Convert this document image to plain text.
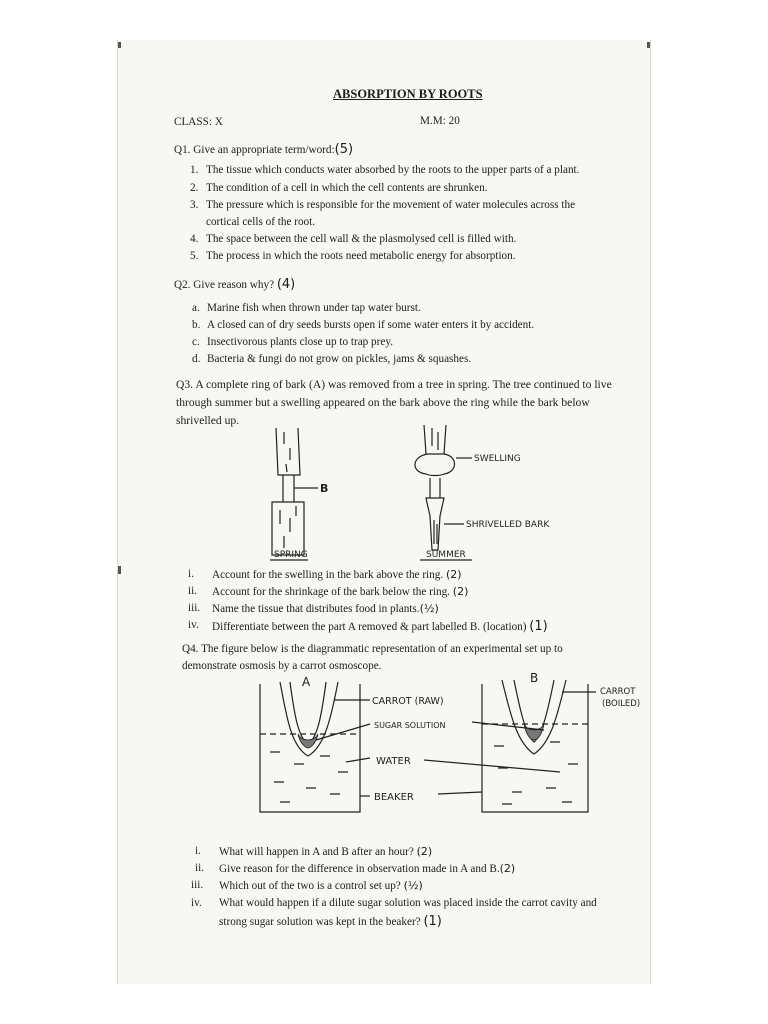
ABSORPTION BY ROOTS
CLASS: X	M.M: 20
Q1. Give an appropriate term/word:(5)
1. The tissue which conducts water absorbed by the roots to the upper parts of a plant.
2. The condition of a cell in which the cell contents are shrunken.
3. The pressure which is responsible for the movement of water molecules across the
cortical cells of the root.
4. The space between the cell wall & the plasmolysed cell is filled with.
5. The process in which the roots need metabolic energy for absorption.
Q2. Give reason why? (4)
a. Marine fish when thrown under tap water burst.
b. A closed can of dry seeds bursts open if some water enters it by accident.
c. Insectivorous plants close up to trap prey.
d. Bacteria & fungi do not grow on pickles, jams & squashes.
Q3. A complete ring of bark (A) was removed from a tree in spring. The tree continued to live
through summer but a swelling appeared on the bark above the ring while the bark below
shrivelled up.
B
SPRING	SUMMER
SWELLING
SHRIVELLED BARK
i. Account for the swelling in the bark above the ring. (2)
ii. Account for the shrinkage of the bark below the ring. (2)
iii. Name the tissue that distributes food in plants.(½)
iv. Differentiate between the part A removed & part labelled B. (location) (1)
Q4. The figure below is the diagrammatic representation of an experimental set up to
demonstrate osmosis by a carrot osmoscope.
A	B
CARROT (RAW)
SUGAR SOLUTION
WATER
BEAKER
CARROT
(BOILED)
i. What will happen in A and B after an hour? (2)
ii. Give reason for the difference in observation made in A and B.(2)
iii. Which out of the two is a control set up? (½)
iv. What would happen if a dilute sugar solution was placed inside the carrot cavity and
strong sugar solution was kept in the beaker? (1)
